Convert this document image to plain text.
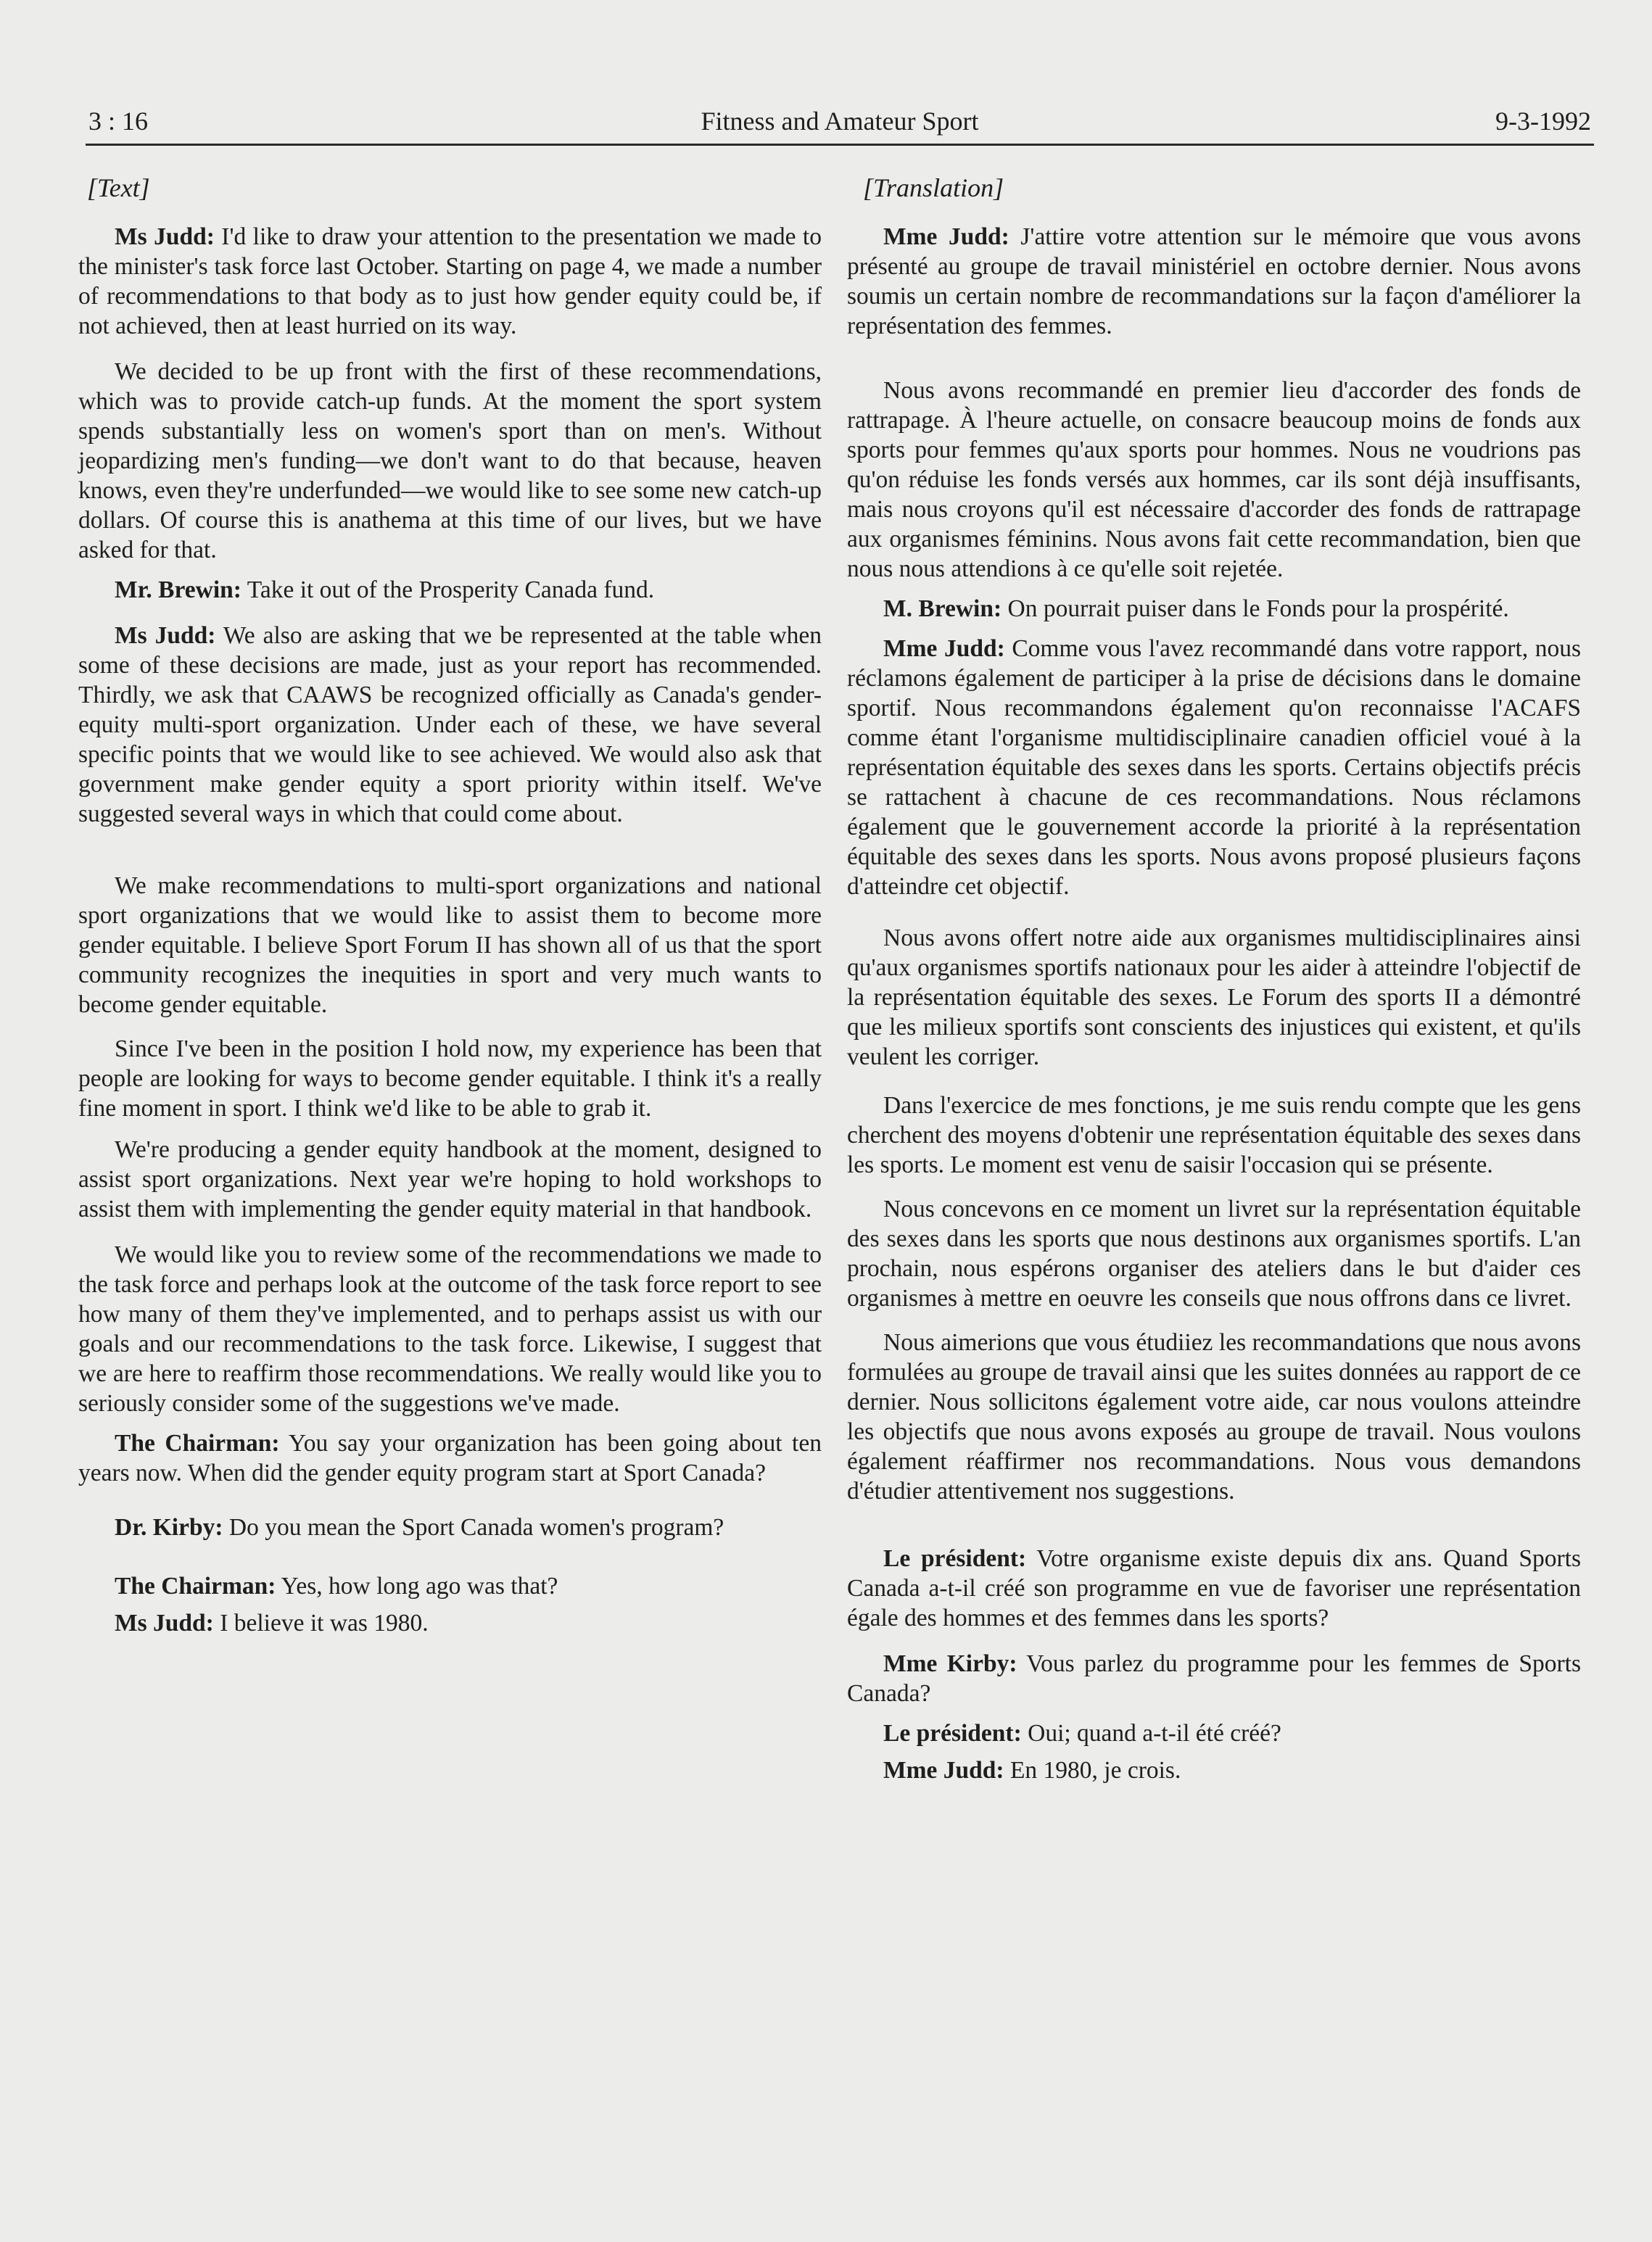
3 : 16	Fitness and Amateur Sport	9-3-1992
[Text]

Ms Judd: I'd like to draw your attention to the presentation we made to the minister's task force last October. Starting on page 4, we made a number of recommendations to that body as to just how gender equity could be, if not achieved, then at least hurried on its way.

We decided to be up front with the first of these recommendations, which was to provide catch-up funds. At the moment the sport system spends substantially less on women's sport than on men's. Without jeopardizing men's funding—we don't want to do that because, heaven knows, even they're underfunded—we would like to see some new catch-up dollars. Of course this is anathema at this time of our lives, but we have asked for that.

Mr. Brewin: Take it out of the Prosperity Canada fund.

Ms Judd: We also are asking that we be represented at the table when some of these decisions are made, just as your report has recommended. Thirdly, we ask that CAAWS be recognized officially as Canada's gender-equity multi-sport organization. Under each of these, we have several specific points that we would like to see achieved. We would also ask that government make gender equity a sport priority within itself. We've suggested several ways in which that could come about.

We make recommendations to multi-sport organizations and national sport organizations that we would like to assist them to become more gender equitable. I believe Sport Forum II has shown all of us that the sport community recognizes the inequities in sport and very much wants to become gender equitable.

Since I've been in the position I hold now, my experience has been that people are looking for ways to become gender equitable. I think it's a really fine moment in sport. I think we'd like to be able to grab it.

We're producing a gender equity handbook at the moment, designed to assist sport organizations. Next year we're hoping to hold workshops to assist them with implementing the gender equity material in that handbook.

We would like you to review some of the recommendations we made to the task force and perhaps look at the outcome of the task force report to see how many of them they've implemented, and to perhaps assist us with our goals and our recommendations to the task force. Likewise, I suggest that we are here to reaffirm those recommendations. We really would like you to seriously consider some of the suggestions we've made.

The Chairman: You say your organization has been going about ten years now. When did the gender equity program start at Sport Canada?

Dr. Kirby: Do you mean the Sport Canada women's program?

The Chairman: Yes, how long ago was that?

Ms Judd: I believe it was 1980.

[Translation]

Mme Judd: J'attire votre attention sur le mémoire que vous avons présenté au groupe de travail ministériel en octobre dernier. Nous avons soumis un certain nombre de recommandations sur la façon d'améliorer la représentation des femmes.

Nous avons recommandé en premier lieu d'accorder des fonds de rattrapage. À l'heure actuelle, on consacre beaucoup moins de fonds aux sports pour femmes qu'aux sports pour hommes. Nous ne voudrions pas qu'on réduise les fonds versés aux hommes, car ils sont déjà insuffisants, mais nous croyons qu'il est nécessaire d'accorder des fonds de rattrapage aux organismes féminins. Nous avons fait cette recommandation, bien que nous nous attendions à ce qu'elle soit rejetée.

M. Brewin: On pourrait puiser dans le Fonds pour la prospérité.

Mme Judd: Comme vous l'avez recommandé dans votre rapport, nous réclamons également de participer à la prise de décisions dans le domaine sportif. Nous recommandons également qu'on reconnaisse l'ACAFS comme étant l'organisme multidisciplinaire canadien officiel voué à la représentation équitable des sexes dans les sports. Certains objectifs précis se rattachent à chacune de ces recommandations. Nous réclamons également que le gouvernement accorde la priorité à la représentation équitable des sexes dans les sports. Nous avons proposé plusieurs façons d'atteindre cet objectif.

Nous avons offert notre aide aux organismes multidisciplinaires ainsi qu'aux organismes sportifs nationaux pour les aider à atteindre l'objectif de la représentation équitable des sexes. Le Forum des sports II a démontré que les milieux sportifs sont conscients des injustices qui existent, et qu'ils veulent les corriger.

Dans l'exercice de mes fonctions, je me suis rendu compte que les gens cherchent des moyens d'obtenir une représentation équitable des sexes dans les sports. Le moment est venu de saisir l'occasion qui se présente.

Nous concevons en ce moment un livret sur la représentation équitable des sexes dans les sports que nous destinons aux organismes sportifs. L'an prochain, nous espérons organiser des ateliers dans le but d'aider ces organismes à mettre en oeuvre les conseils que nous offrons dans ce livret.

Nous aimerions que vous étudiiez les recommandations que nous avons formulées au groupe de travail ainsi que les suites données au rapport de ce dernier. Nous sollicitons également votre aide, car nous voulons atteindre les objectifs que nous avons exposés au groupe de travail. Nous voulons également réaffirmer nos recommandations. Nous vous demandons d'étudier attentivement nos suggestions.

Le président: Votre organisme existe depuis dix ans. Quand Sports Canada a-t-il créé son programme en vue de favoriser une représentation égale des hommes et des femmes dans les sports?

Mme Kirby: Vous parlez du programme pour les femmes de Sports Canada?

Le président: Oui; quand a-t-il été créé?

Mme Judd: En 1980, je crois.
